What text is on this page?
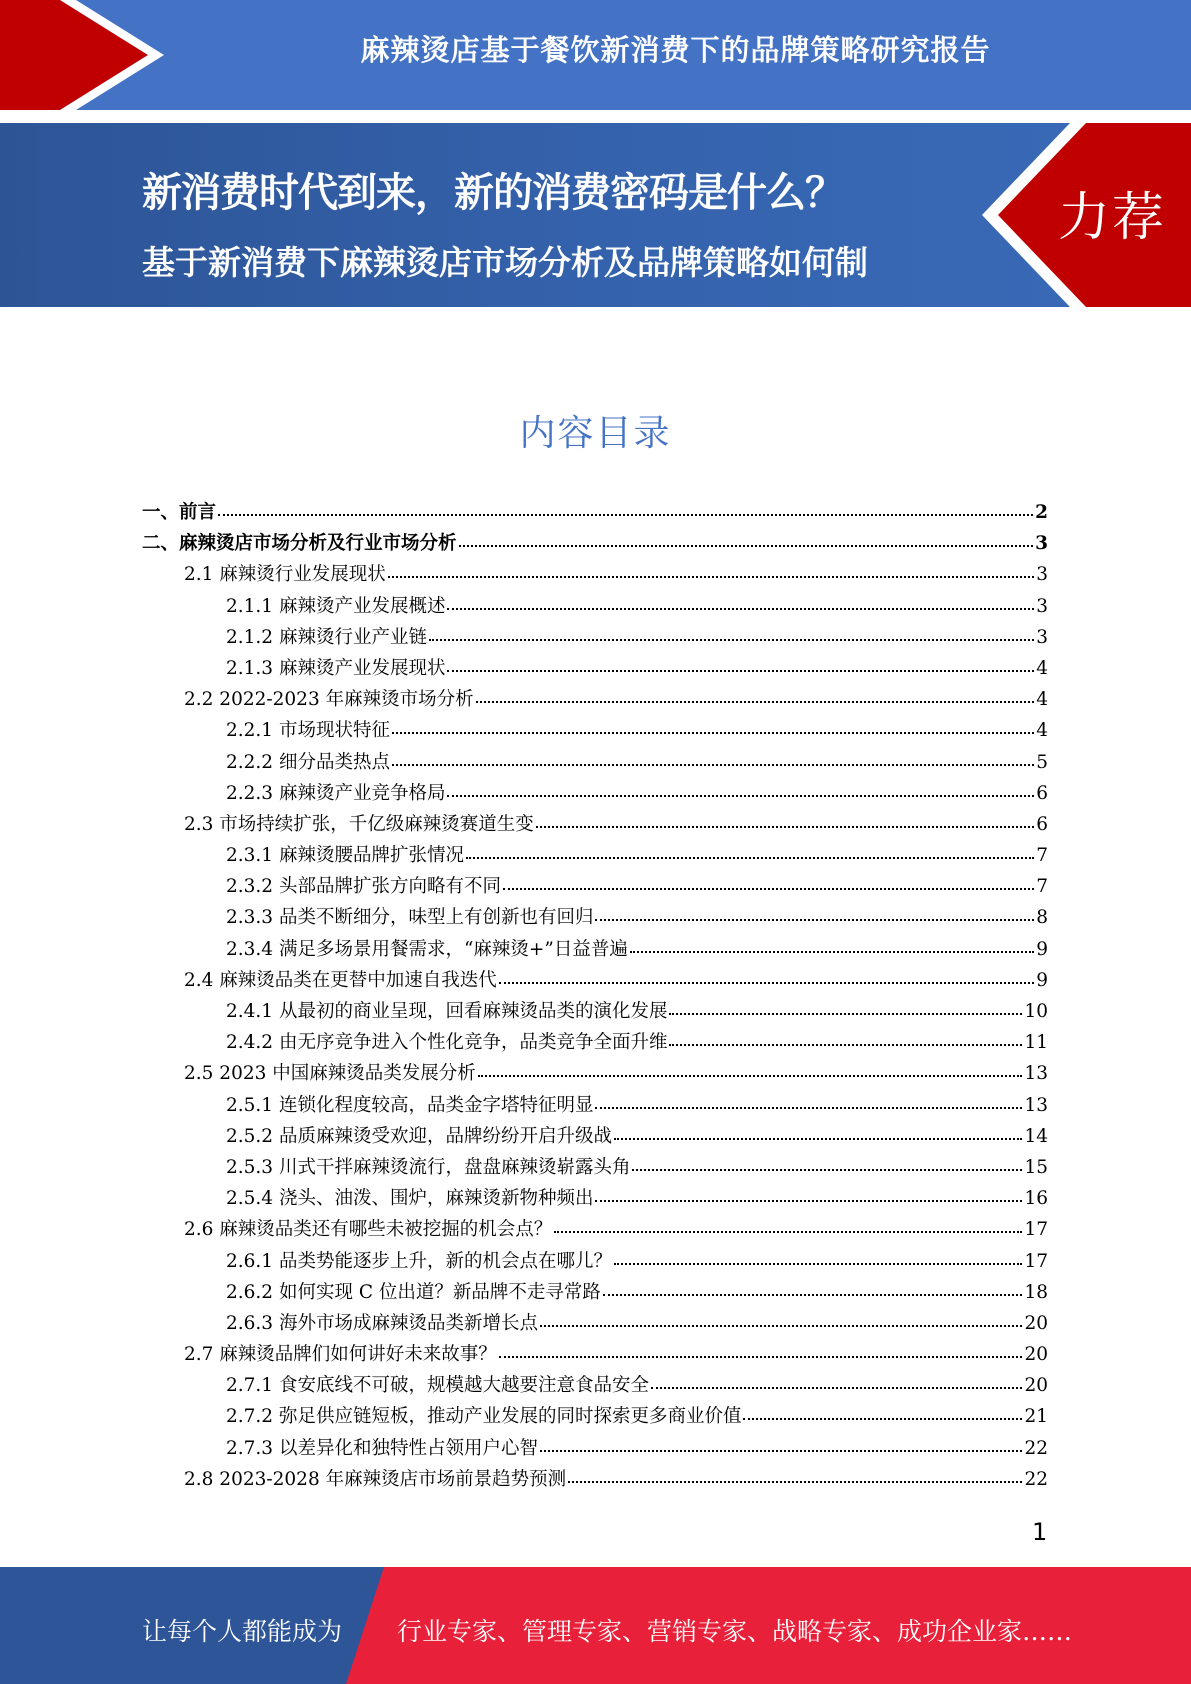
麻辣烫店基于餐饮新消费下的品牌策略研究报告
新消费时代到来，新的消费密码是什么？
基于新消费下麻辣烫店市场分析及品牌策略如何制定？？？
力荐
内容目录
一、前言	2
二、麻辣烫店市场分析及行业市场分析	3
2.1 麻辣烫行业发展现状	3
2.1.1 麻辣烫产业发展概述	3
2.1.2 麻辣烫行业产业链	3
2.1.3 麻辣烫产业发展现状	4
2.2 2022-2023 年麻辣烫市场分析	4
2.2.1 市场现状特征	4
2.2.2 细分品类热点	5
2.2.3 麻辣烫产业竞争格局	6
2.3 市场持续扩张，千亿级麻辣烫赛道生变	6
2.3.1 麻辣烫腰品牌扩张情况	7
2.3.2 头部品牌扩张方向略有不同	7
2.3.3 品类不断细分，味型上有创新也有回归	8
2.3.4 满足多场景用餐需求，“麻辣烫+”日益普遍	9
2.4 麻辣烫品类在更替中加速自我迭代	9
2.4.1 从最初的商业呈现，回看麻辣烫品类的演化发展	10
2.4.2 由无序竞争进入个性化竞争，品类竞争全面升维	11
2.5 2023 中国麻辣烫品类发展分析	13
2.5.1 连锁化程度较高，品类金字塔特征明显	13
2.5.2 品质麻辣烫受欢迎，品牌纷纷开启升级战	14
2.5.3 川式干拌麻辣烫流行，盘盘麻辣烫崭露头角	15
2.5.4 浇头、油泼、围炉，麻辣烫新物种频出	16
2.6 麻辣烫品类还有哪些未被挖掘的机会点？	17
2.6.1 品类势能逐步上升，新的机会点在哪儿？	17
2.6.2 如何实现 C 位出道？新品牌不走寻常路	18
2.6.3 海外市场成麻辣烫品类新增长点	20
2.7 麻辣烫品牌们如何讲好未来故事？	20
2.7.1 食安底线不可破，规模越大越要注意食品安全	20
2.7.2 弥足供应链短板，推动产业发展的同时探索更多商业价值	21
2.7.3 以差异化和独特性占领用户心智	22
2.8 2023-2028 年麻辣烫店市场前景趋势预测	22
1
让每个人都能成为 行业专家、管理专家、营销专家、战略专家、成功企业家……
